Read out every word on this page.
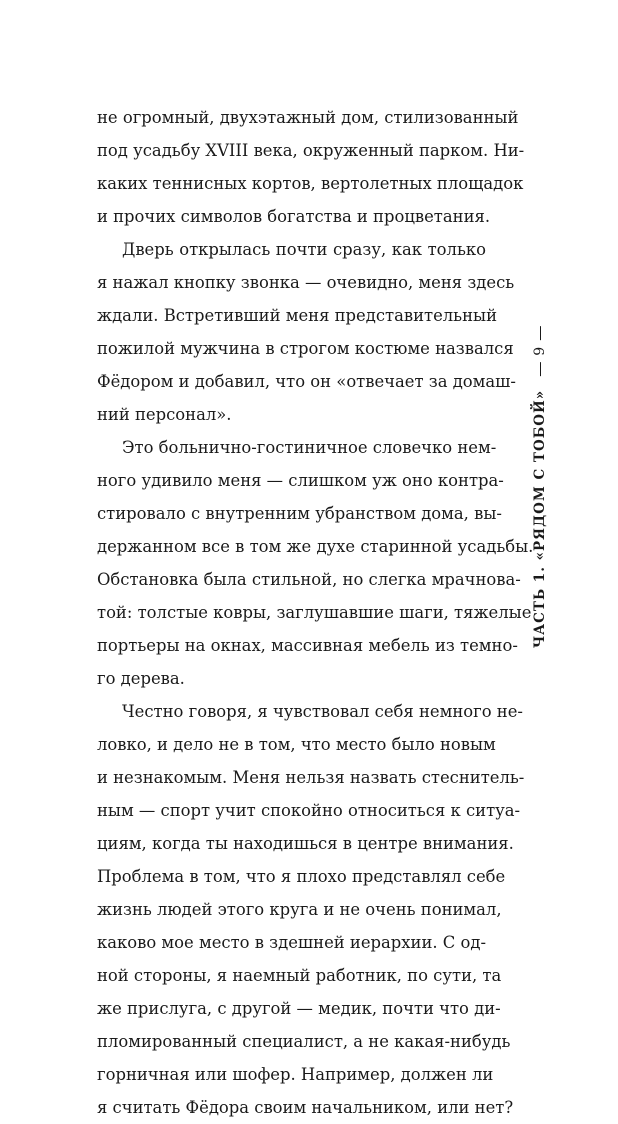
не огромный, двухэтажный дом, стилизованный
под усадьбу XVIII века, окруженный парком. Ни-
каких теннисных кортов, вертолетных площадок
и прочих символов богатства и процветания.
Дверь открылась почти сразу, как только
я нажал кнопку звонка — очевидно, меня здесь
ждали. Встретивший меня представительный
пожилой мужчина в строгом костюме назвался
Фёдором и добавил, что он «отвечает за домаш-
ний персонал».
Это больнично-гостиничное словечко нем-
ного удивило меня — слишком уж оно контра-
стировало с внутренним убранством дома, вы-
держанном все в том же духе старинной усадьбы.
Обстановка была стильной, но слегка мрачнова-
той: толстые ковры, заглушавшие шаги, тяжелые
портьеры на окнах, массивная мебель из темно-
го дерева.
Честно говоря, я чувствовал себя немного не-
ловко, и дело не в том, что место было новым
и незнакомым. Меня нельзя назвать стеснитель-
ным — спорт учит спокойно относиться к ситуа-
циям, когда ты находишься в центре внимания.
Проблема в том, что я плохо представлял себе
жизнь людей этого круга и не очень понимал,
каково мое место в здешней иерархии. С од-
ной стороны, я наемный работник, по сути, та
же прислуга, с другой — медик, почти что ди-
пломированный специалист, а не какая-нибудь
горничная или шофер. Например, должен ли
я считать Фёдора своим начальником, или нет?
ЧАСТЬ 1. «РЯДОМ С ТОБОЙ»
9
